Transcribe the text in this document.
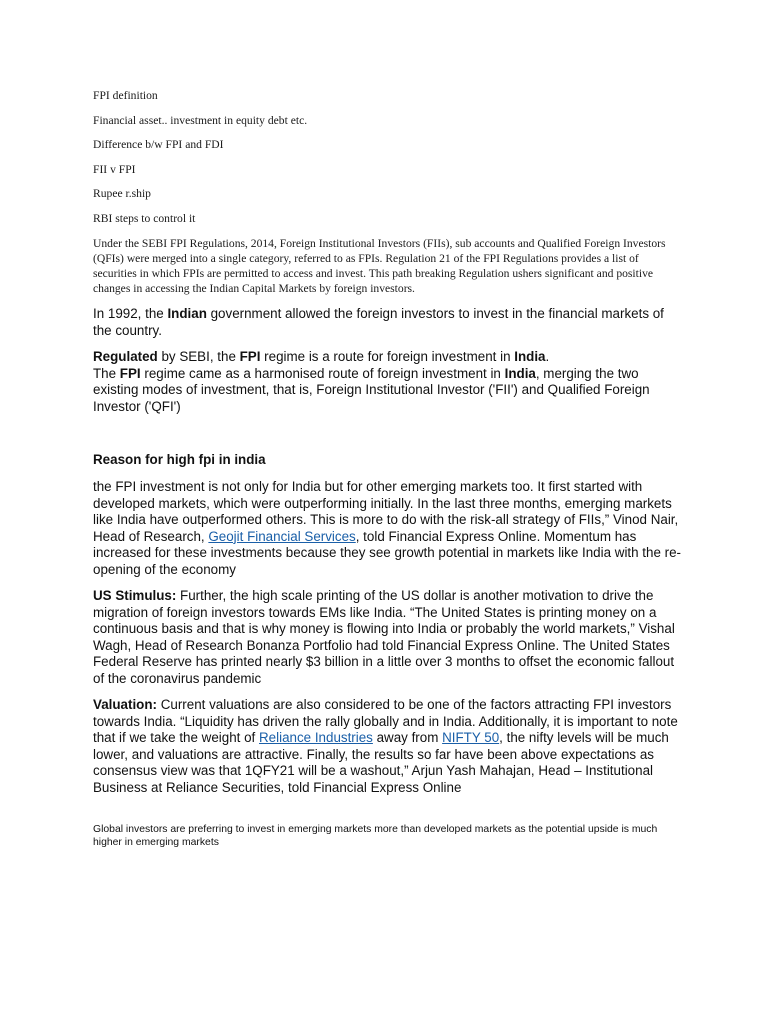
FPI definition

Financial asset.. investment in equity debt etc.

Difference b/w FPI and FDI

FII v FPI

Rupee r.ship

RBI steps to control it

Under the SEBI FPI Regulations, 2014, Foreign Institutional Investors (FIIs), sub accounts and Qualified Foreign Investors (QFIs) were merged into a single category, referred to as FPIs. Regulation 21 of the FPI Regulations provides a list of securities in which FPIs are permitted to access and invest. This path breaking Regulation ushers significant and positive changes in accessing the Indian Capital Markets by foreign investors.

In 1992, the Indian government allowed the foreign investors to invest in the financial markets of the country.

Regulated by SEBI, the FPI regime is a route for foreign investment in India.
The FPI regime came as a harmonised route of foreign investment in India, merging the two existing modes of investment, that is, Foreign Institutional Investor ('FII') and Qualified Foreign Investor ('QFI')

Reason for high fpi in india

the FPI investment is not only for India but for other emerging markets too. It first started with developed markets, which were outperforming initially. In the last three months, emerging markets like India have outperformed others. This is more to do with the risk-all strategy of FIIs,” Vinod Nair, Head of Research, Geojit Financial Services, told Financial Express Online. Momentum has increased for these investments because they see growth potential in markets like India with the re-opening of the economy

US Stimulus: Further, the high scale printing of the US dollar is another motivation to drive the migration of foreign investors towards EMs like India. “The United States is printing money on a continuous basis and that is why money is flowing into India or probably the world markets,” Vishal Wagh, Head of Research Bonanza Portfolio had told Financial Express Online. The United States Federal Reserve has printed nearly $3 billion in a little over 3 months to offset the economic fallout of the coronavirus pandemic

Valuation: Current valuations are also considered to be one of the factors attracting FPI investors towards India. “Liquidity has driven the rally globally and in India. Additionally, it is important to note that if we take the weight of Reliance Industries away from NIFTY 50, the nifty levels will be much lower, and valuations are attractive. Finally, the results so far have been above expectations as consensus view was that 1QFY21 will be a washout,” Arjun Yash Mahajan, Head – Institutional Business at Reliance Securities, told Financial Express Online

Global investors are preferring to invest in emerging markets more than developed markets as the potential upside is much higher in emerging markets
